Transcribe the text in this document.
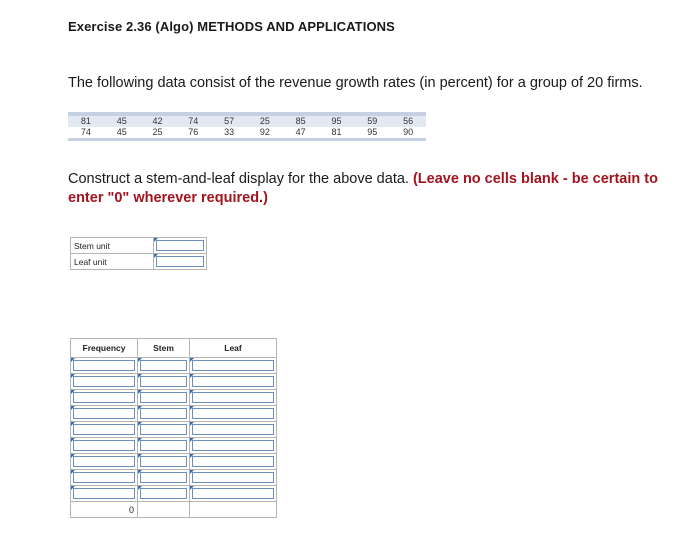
Exercise 2.36 (Algo) METHODS AND APPLICATIONS
The following data consist of the revenue growth rates (in percent) for a group of 20 firms.

81	45	42	74	57	25	85	95	59	56
74	45	25	76	33	92	47	81	95	90
Construct a stem-and-leaf display for the above data. (Leave no cells blank - be certain to enter "0" wherever required.)
Stem unit	

Leaf unit	
Frequency	Stem	Leaf

0		
